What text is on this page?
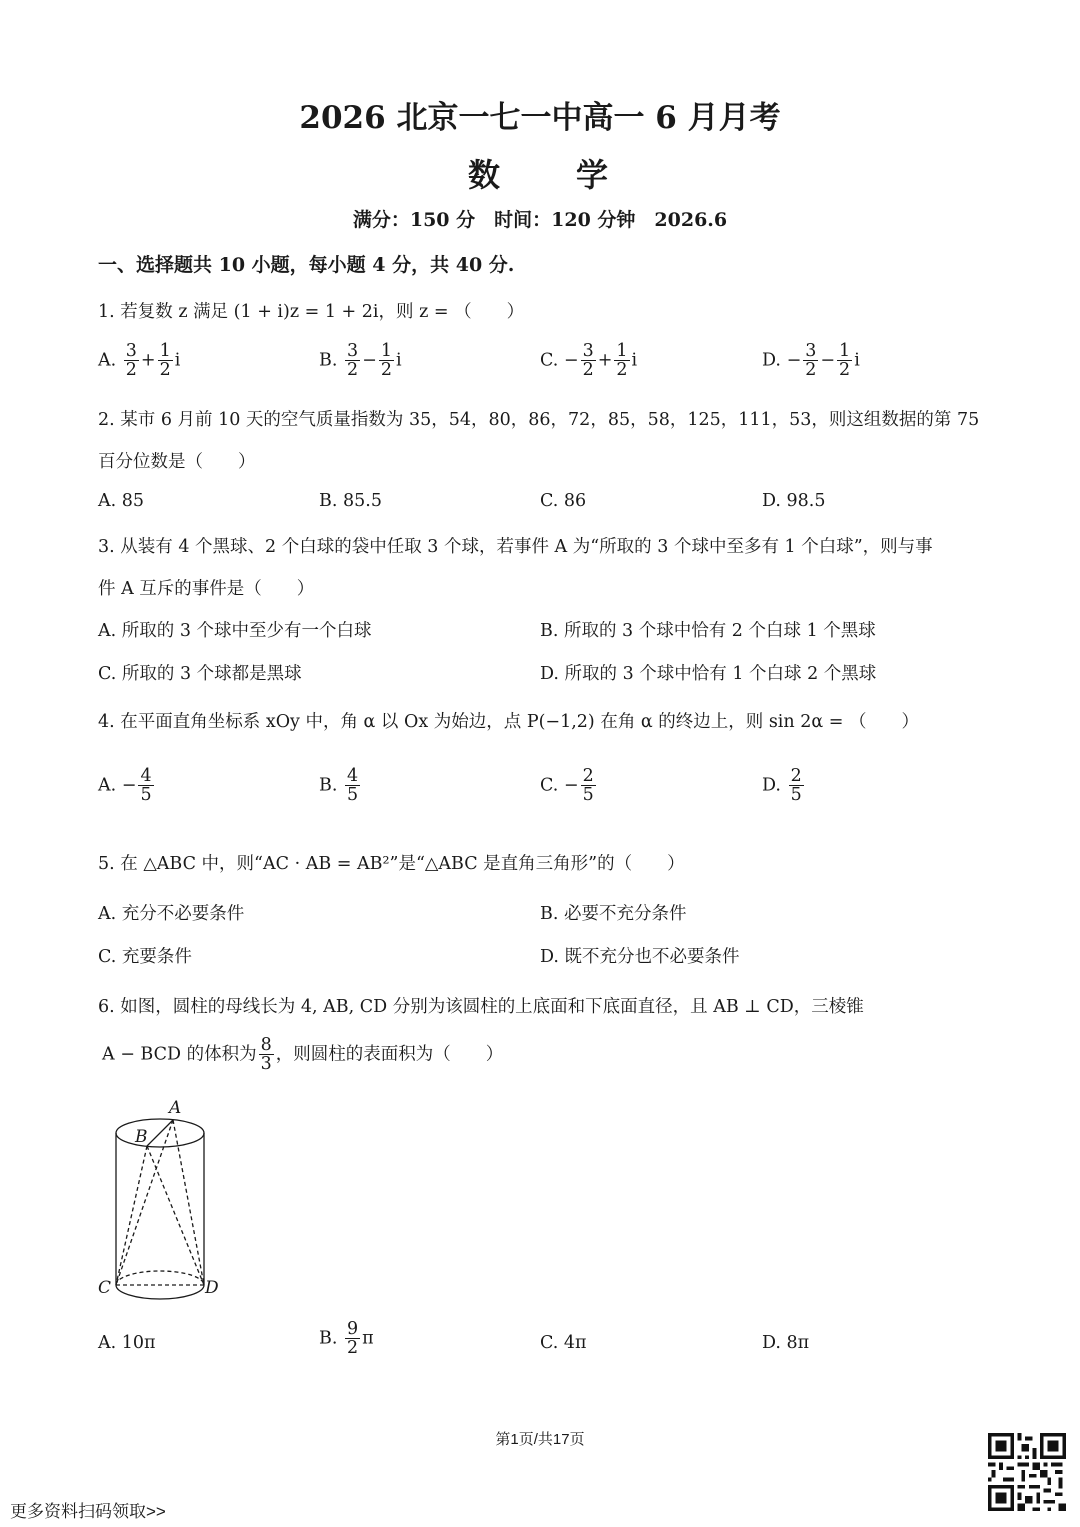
2026 北京一七一中高一 6 月月考
数　　学
满分：150 分　时间：120 分钟　2026.6
一、选择题共 10 小题，每小题 4 分，共 40 分.
1. 若复数 z 满足 (1 + i)z = 1 + 2i，则 z = （　　）
A. $\frac{3}{2} + \frac{1}{2}$ i	B. $\frac{3}{2} - \frac{1}{2}$ i	C. − $\frac{3}{2} + \frac{1}{2}$ i	D. − $\frac{3}{2} - \frac{1}{2}$ i
2. 某市 6 月前 10 天的空气质量指数为 35，54，80，86，72，85，58，125，111，53，则这组数据的第 75
百分位数是（　　）
A. 85	B. 85.5	C. 86	D. 98.5
3. 从装有 4 个黑球、2 个白球的袋中任取 3 个球，若事件 A 为“所取的 3 个球中至多有 1 个白球”，则与事
件 A 互斥的事件是（　　）
A. 所取的 3 个球中至少有一个白球	B. 所取的 3 个球中恰有 2 个白球 1 个黑球
C. 所取的 3 个球都是黑球	D. 所取的 3 个球中恰有 1 个白球 2 个黑球
4. 在平面直角坐标系 xOy 中，角 α 以 Ox 为始边，点 P(−1,2) 在角 α 的终边上，则 sin 2α = （　　）
A. − $\frac{4}{5}$	B. $\frac{4}{5}$	C. − $\frac{2}{5}$	D. $\frac{2}{5}$
5. 在 △ABC 中，则“AC · AB = AB²”是“△ABC 是直角三角形”的（　　）
A. 充分不必要条件	B. 必要不充分条件
C. 充要条件	D. 既不充分也不必要条件
6. 如图，圆柱的母线长为 4, AB, CD 分别为该圆柱的上底面和下底面直径，且 AB ⊥ CD，三棱锥
A − BCD 的体积为 $\frac{8}{3}$ ，则圆柱的表面积为（　　）
A
B
C	D
A. 10π	B. $\frac{9}{2}$ π	C. 4π	D. 8π
第1页/共17页
更多资料扫码领取>>
